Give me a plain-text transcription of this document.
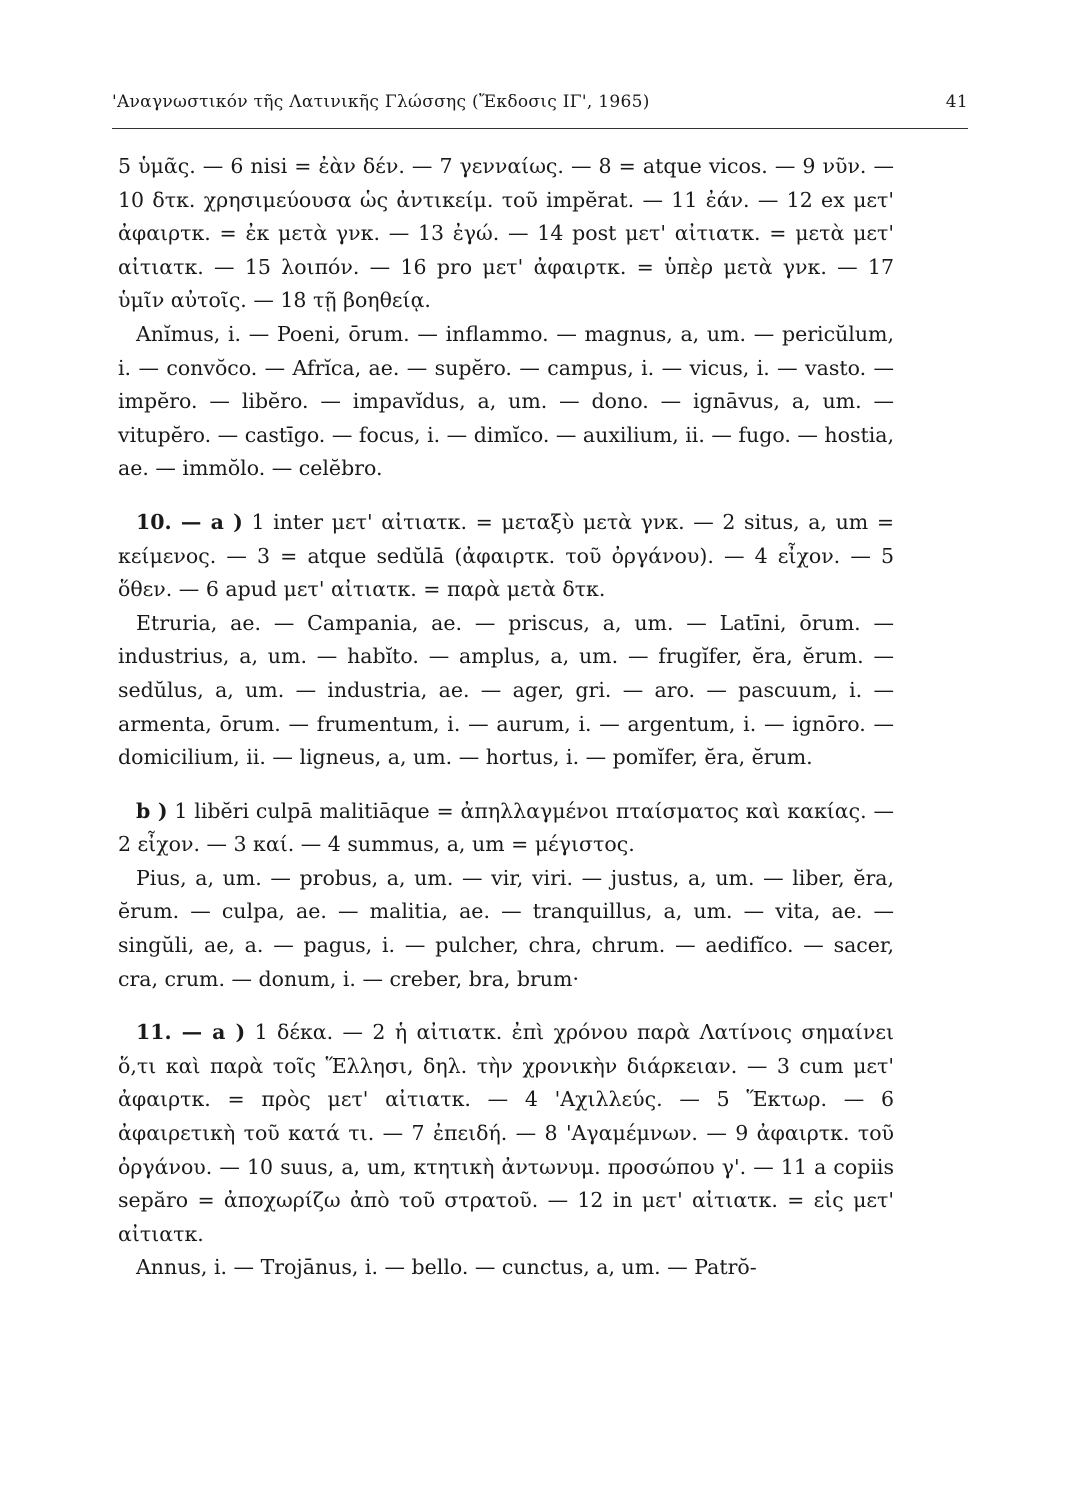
'Αναγνωστικόν τῆς Λατινικῆς Γλώσσης (Ἔκδοσις ΙΓ', 1965)	41

5 ὑμᾶς. — 6 nisi = ἐὰν δέν. — 7 γενναίως. — 8 = atque vicos. — 9 νῦν. — 10 δτκ. χρησιμεύουσα ὡς ἀντικείμ. τοῦ impĕrat. — 11 ἐάν. — 12 ex μετ' ἀφαιρτκ. = ἐκ μετὰ γνκ. — 13 ἐγώ. — 14 post μετ' αἰτιατκ. = μετὰ μετ' αἰτιατκ. — 15 λοιπόν. — 16 pro μετ' ἀφαιρτκ. = ὑπὲρ μετὰ γνκ. — 17 ὑμῖν αὐτοῖς. — 18 τῇ βοηθείᾳ.

Anĭmus, i. — Poeni, ōrum. — inflammo. — magnus, a, um. — pericŭlum, i. — convŏco. — Afrĭca, ae. — supĕro. — campus, i. — vicus, i. — vasto. — impĕro. — libĕro. — impavĭdus, a, um. — dono. — ignāvus, a, um. — vitupĕro. — castīgo. — focus, i. — dimĭco. — auxilium, ii. — fugo. — hostia, ae. — immŏlo. — celĕbro.

10. — a ) 1 inter μετ' αἰτιατκ. = μεταξὺ μετὰ γνκ. — 2 situs, a, um = κείμενος. — 3 = atque sedŭlā (ἀφαιρτκ. τοῦ ὀργάνου). — 4 εἶχον. — 5 ὅθεν. — 6 apud μετ' αἰτιατκ. = παρὰ μετὰ δτκ.

Etruria, ae. — Campania, ae. — priscus, a, um. — Latīni, ōrum. — industrius, a, um. — habĭto. — amplus, a, um. — frugĭfer, ĕra, ĕrum. — sedŭlus, a, um. — industria, ae. — ager, gri. — aro. — pascuum, i. — armenta, ōrum. — frumentum, i. — aurum, i. — argentum, i. — ignōro. — domicilium, ii. — ligneus, a, um. — hortus, i. — pomĭfer, ĕra, ĕrum.

b ) 1 libĕri culpā malitiāque = ἀπηλλαγμένοι πταίσματος καὶ κακίας. — 2 εἶχον. — 3 καί. — 4 summus, a, um = μέγιστος.

Pius, a, um. — probus, a, um. — vir, viri. — justus, a, um. — liber, ĕra, ĕrum. — culpa, ae. — malitia, ae. — tranquillus, a, um. — vita, ae. — singŭli, ae, a. — pagus, i. — pulcher, chra, chrum. — aedifĭco. — sacer, cra, crum. — donum, i. — creber, bra, brum·

11. — a ) 1 δέκα. — 2 ἡ αἰτιατκ. ἐπὶ χρόνου παρὰ Λατίνοις σημαίνει ὅ,τι καὶ παρὰ τοῖς Ἕλλησι, δηλ. τὴν χρονικὴν διάρκειαν. — 3 cum μετ' ἀφαιρτκ. = πρὸς μετ' αἰτιατκ. — 4 'Αχιλλεύς. — 5 Ἕκτωρ. — 6 ἀφαιρετικὴ τοῦ κατά τι. — 7 ἐπειδή. — 8 'Αγαμέμνων. — 9 ἀφαιρτκ. τοῦ ὀργάνου. — 10 suus, a, um, κτητικὴ ἀντωνυμ. προσώπου γ'. — 11 a copiis sepăro = ἀποχωρίζω ἀπὸ τοῦ στρατοῦ. — 12 in μετ' αἰτιατκ. = εἰς μετ' αἰτιατκ.

Annus, i. — Trojānus, i. — bello. — cunctus, a, um. — Patrŏ-
